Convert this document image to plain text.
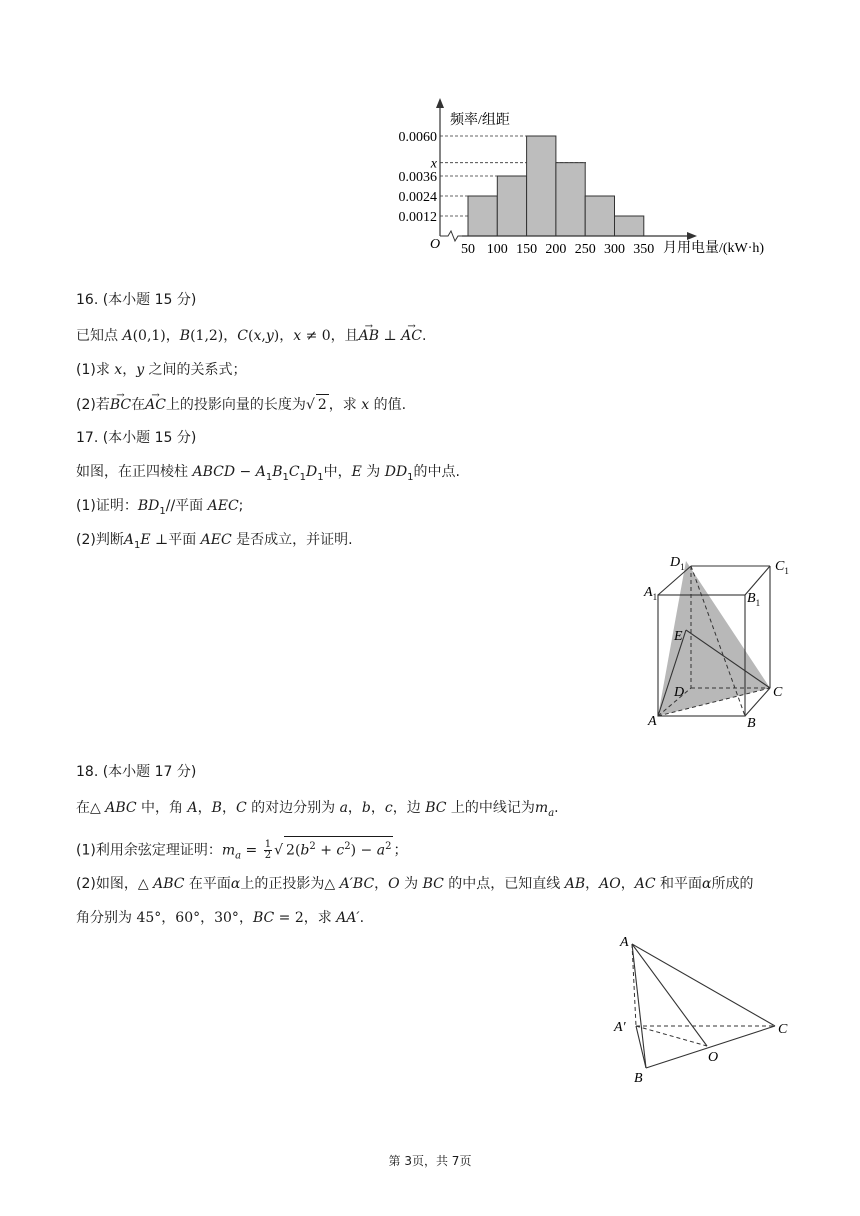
0.0060
x
0.0036
0.0024
0.0012
50 100 150 200 250 300 350
O
频率/组距
月用电量/(kW·h)
16. (本小题 15 分)
已知点 A(0,1)，B(1,2)，C(x,y)，x ≠ 0，且→ AB ⊥ → AC.
(1)求 x，y 之间的关系式；
(2)若→ BC在→ AC上的投影向量的长度为√ 2 ，求 x 的值.
17. (本小题 15 分)
如图，在正四棱柱 ABCD − $A_1B_1C_1D_1$中，E 为 $DD_1$的中点.
(1)证明：$BD_1//$平面 AEC;
(2)判断$A_1E$ ⊥平面 AEC 是否成立，并证明.
$D_1$	$C_1$
$A_1$	$B_1$
E
D	C
A	B
18. (本小题 17 分)
在△ ABC 中，角 A，B，C 的对边分别为 a，b，c，边 BC 上的中线记为$m_a$.
(1)利用余弦定理证明：$m_a = \frac{1}{2}$ √ $2(b^2 + c^2) - a^2$ ；
(2)如图，△ ABC 在平面α上的正投影为△ A′BC，O 为 BC 的中点，已知直线 AB，AO，AC 和平面α所成的
角分别为 45°，60°，30°，BC = 2，求 AA′.
A
A′
O
C
B
第 3页，共 7页
